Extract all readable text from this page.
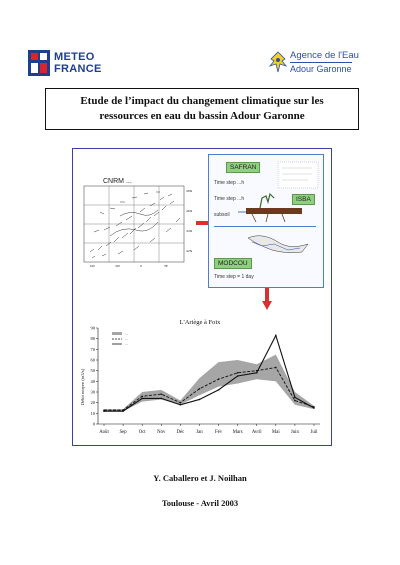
METEO
FRANCE
Agence de l'Eau
Adour Garonne
Etude de l’impact du changement climatique sur les
ressources en eau du bassin Adour Garonne
48N
46N
44N
42N
6W	3W	0	3E
CNRM ...
SAFRAN
Time step ...h
Time step ...h	ISBA
subsoil
MODCOU
Time step = 1 day
L'Ariège à Foix
Débit moyen (m3/s)
0
10
20
30
40
50
60
70
80
90
Août Sep	Oct Nov Déc	Jan	Fév Mars Avril Mai Juin Juil
...
...
...
Y. Caballero et J. Noilhan
Toulouse - Avril 2003
